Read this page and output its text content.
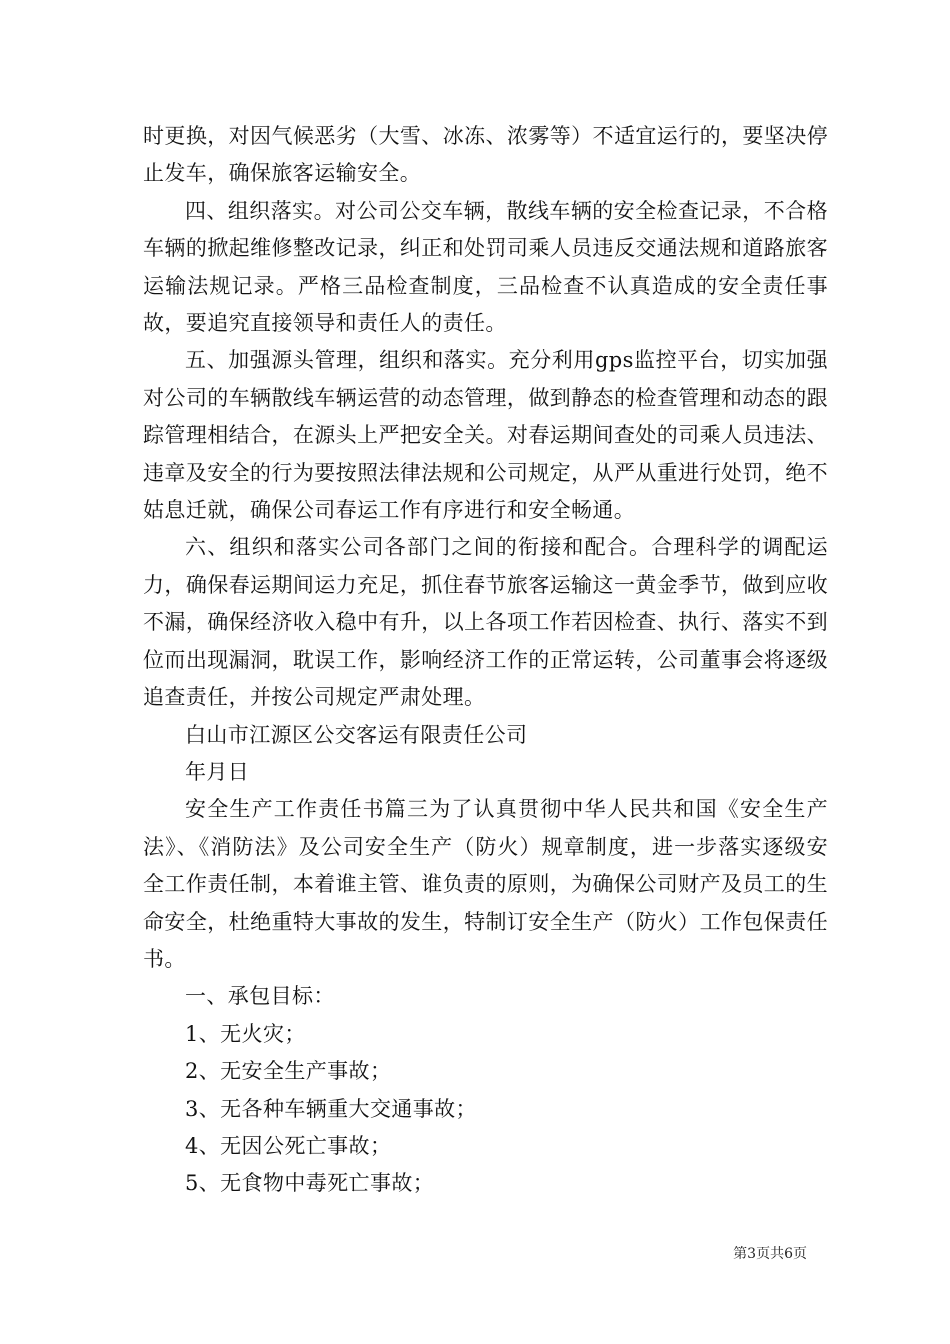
时更换，对因气候恶劣（大雪、冰冻、浓雾等）不适宜运行的，要坚决停止发车，确保旅客运输安全。

四、组织落实。对公司公交车辆，散线车辆的安全检查记录，不合格车辆的掀起维修整改记录，纠正和处罚司乘人员违反交通法规和道路旅客运输法规记录。严格三品检查制度，三品检查不认真造成的安全责任事故，要追究直接领导和责任人的责任。

五、加强源头管理，组织和落实。充分利用gps监控平台，切实加强对公司的车辆散线车辆运营的动态管理，做到静态的检查管理和动态的跟踪管理相结合，在源头上严把安全关。对春运期间查处的司乘人员违法、违章及安全的行为要按照法律法规和公司规定，从严从重进行处罚，绝不姑息迁就，确保公司春运工作有序进行和安全畅通。

六、组织和落实公司各部门之间的衔接和配合。合理科学的调配运力，确保春运期间运力充足，抓住春节旅客运输这一黄金季节，做到应收不漏，确保经济收入稳中有升，以上各项工作若因检查、执行、落实不到位而出现漏洞，耽误工作，影响经济工作的正常运转，公司董事会将逐级追查责任，并按公司规定严肃处理。

白山市江源区公交客运有限责任公司

年月日

安全生产工作责任书篇三为了认真贯彻中华人民共和国《安全生产法》、《消防法》及公司安全生产（防火）规章制度，进一步落实逐级安全工作责任制，本着谁主管、谁负责的原则，为确保公司财产及员工的生命安全，杜绝重特大事故的发生，特制订安全生产（防火）工作包保责任书。

一、承包目标：

1、无火灾；

2、无安全生产事故；

3、无各种车辆重大交通事故；

4、无因公死亡事故；

5、无食物中毒死亡事故；

第3页共6页
